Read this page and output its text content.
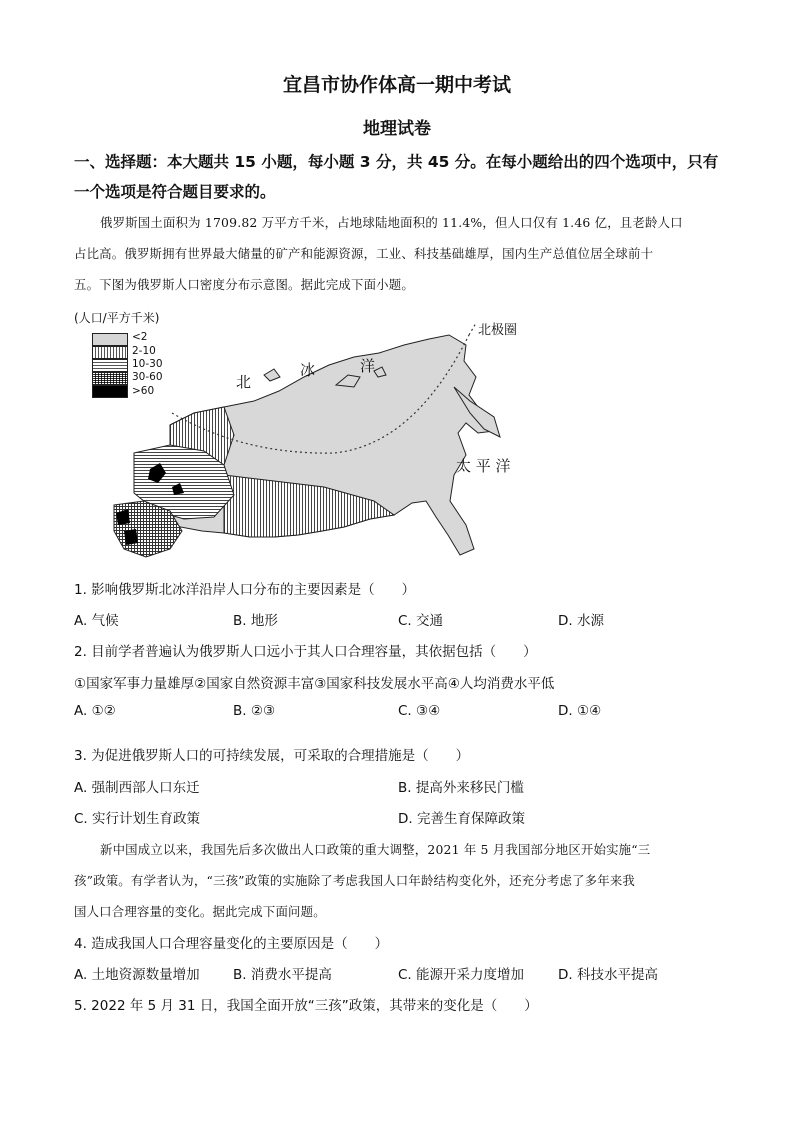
宜昌市协作体高一期中考试
地理试卷
一、选择题：本大题共 15 小题，每小题 3 分，共 45 分。在每小题给出的四个选项中，只有
一个选项是符合题目要求的。
俄罗斯国土面积为 1709.82 万平方千米，占地球陆地面积的 11.4%，但人口仅有 1.46 亿，且老龄人口
占比高。俄罗斯拥有世界最大储量的矿产和能源资源，工业、科技基础雄厚，国内生产总值位居全球前十
五。下图为俄罗斯人口密度分布示意图。据此完成下面小题。
(人口/平方千米)
<2
2-10
10-30
30-60
>60
北极圈
北
冰	洋
太 平 洋
1. 影响俄罗斯北冰洋沿岸人口分布的主要因素是（　　）
A. 气候	B. 地形	C. 交通	D. 水源
2. 目前学者普遍认为俄罗斯人口远小于其人口合理容量，其依据包括（　　）
①国家军事力量雄厚②国家自然资源丰富③国家科技发展水平高④人均消费水平低
A. ①②	B. ②③	C. ③④	D. ①④
3. 为促进俄罗斯人口的可持续发展，可采取的合理措施是（　　）
A. 强制西部人口东迁	B. 提高外来移民门槛
C. 实行计划生育政策	D. 完善生育保障政策
新中国成立以来，我国先后多次做出人口政策的重大调整，2021 年 5 月我国部分地区开始实施“三
孩”政策。有学者认为，“三孩”政策的实施除了考虑我国人口年龄结构变化外，还充分考虑了多年来我
国人口合理容量的变化。据此完成下面问题。
4. 造成我国人口合理容量变化的主要原因是（　　）
A. 土地资源数量增加 B. 消费水平提高	C. 能源开采力度增加	D. 科技水平提高
5. 2022 年 5 月 31 日，我国全面开放“三孩”政策，其带来的变化是（　　）
